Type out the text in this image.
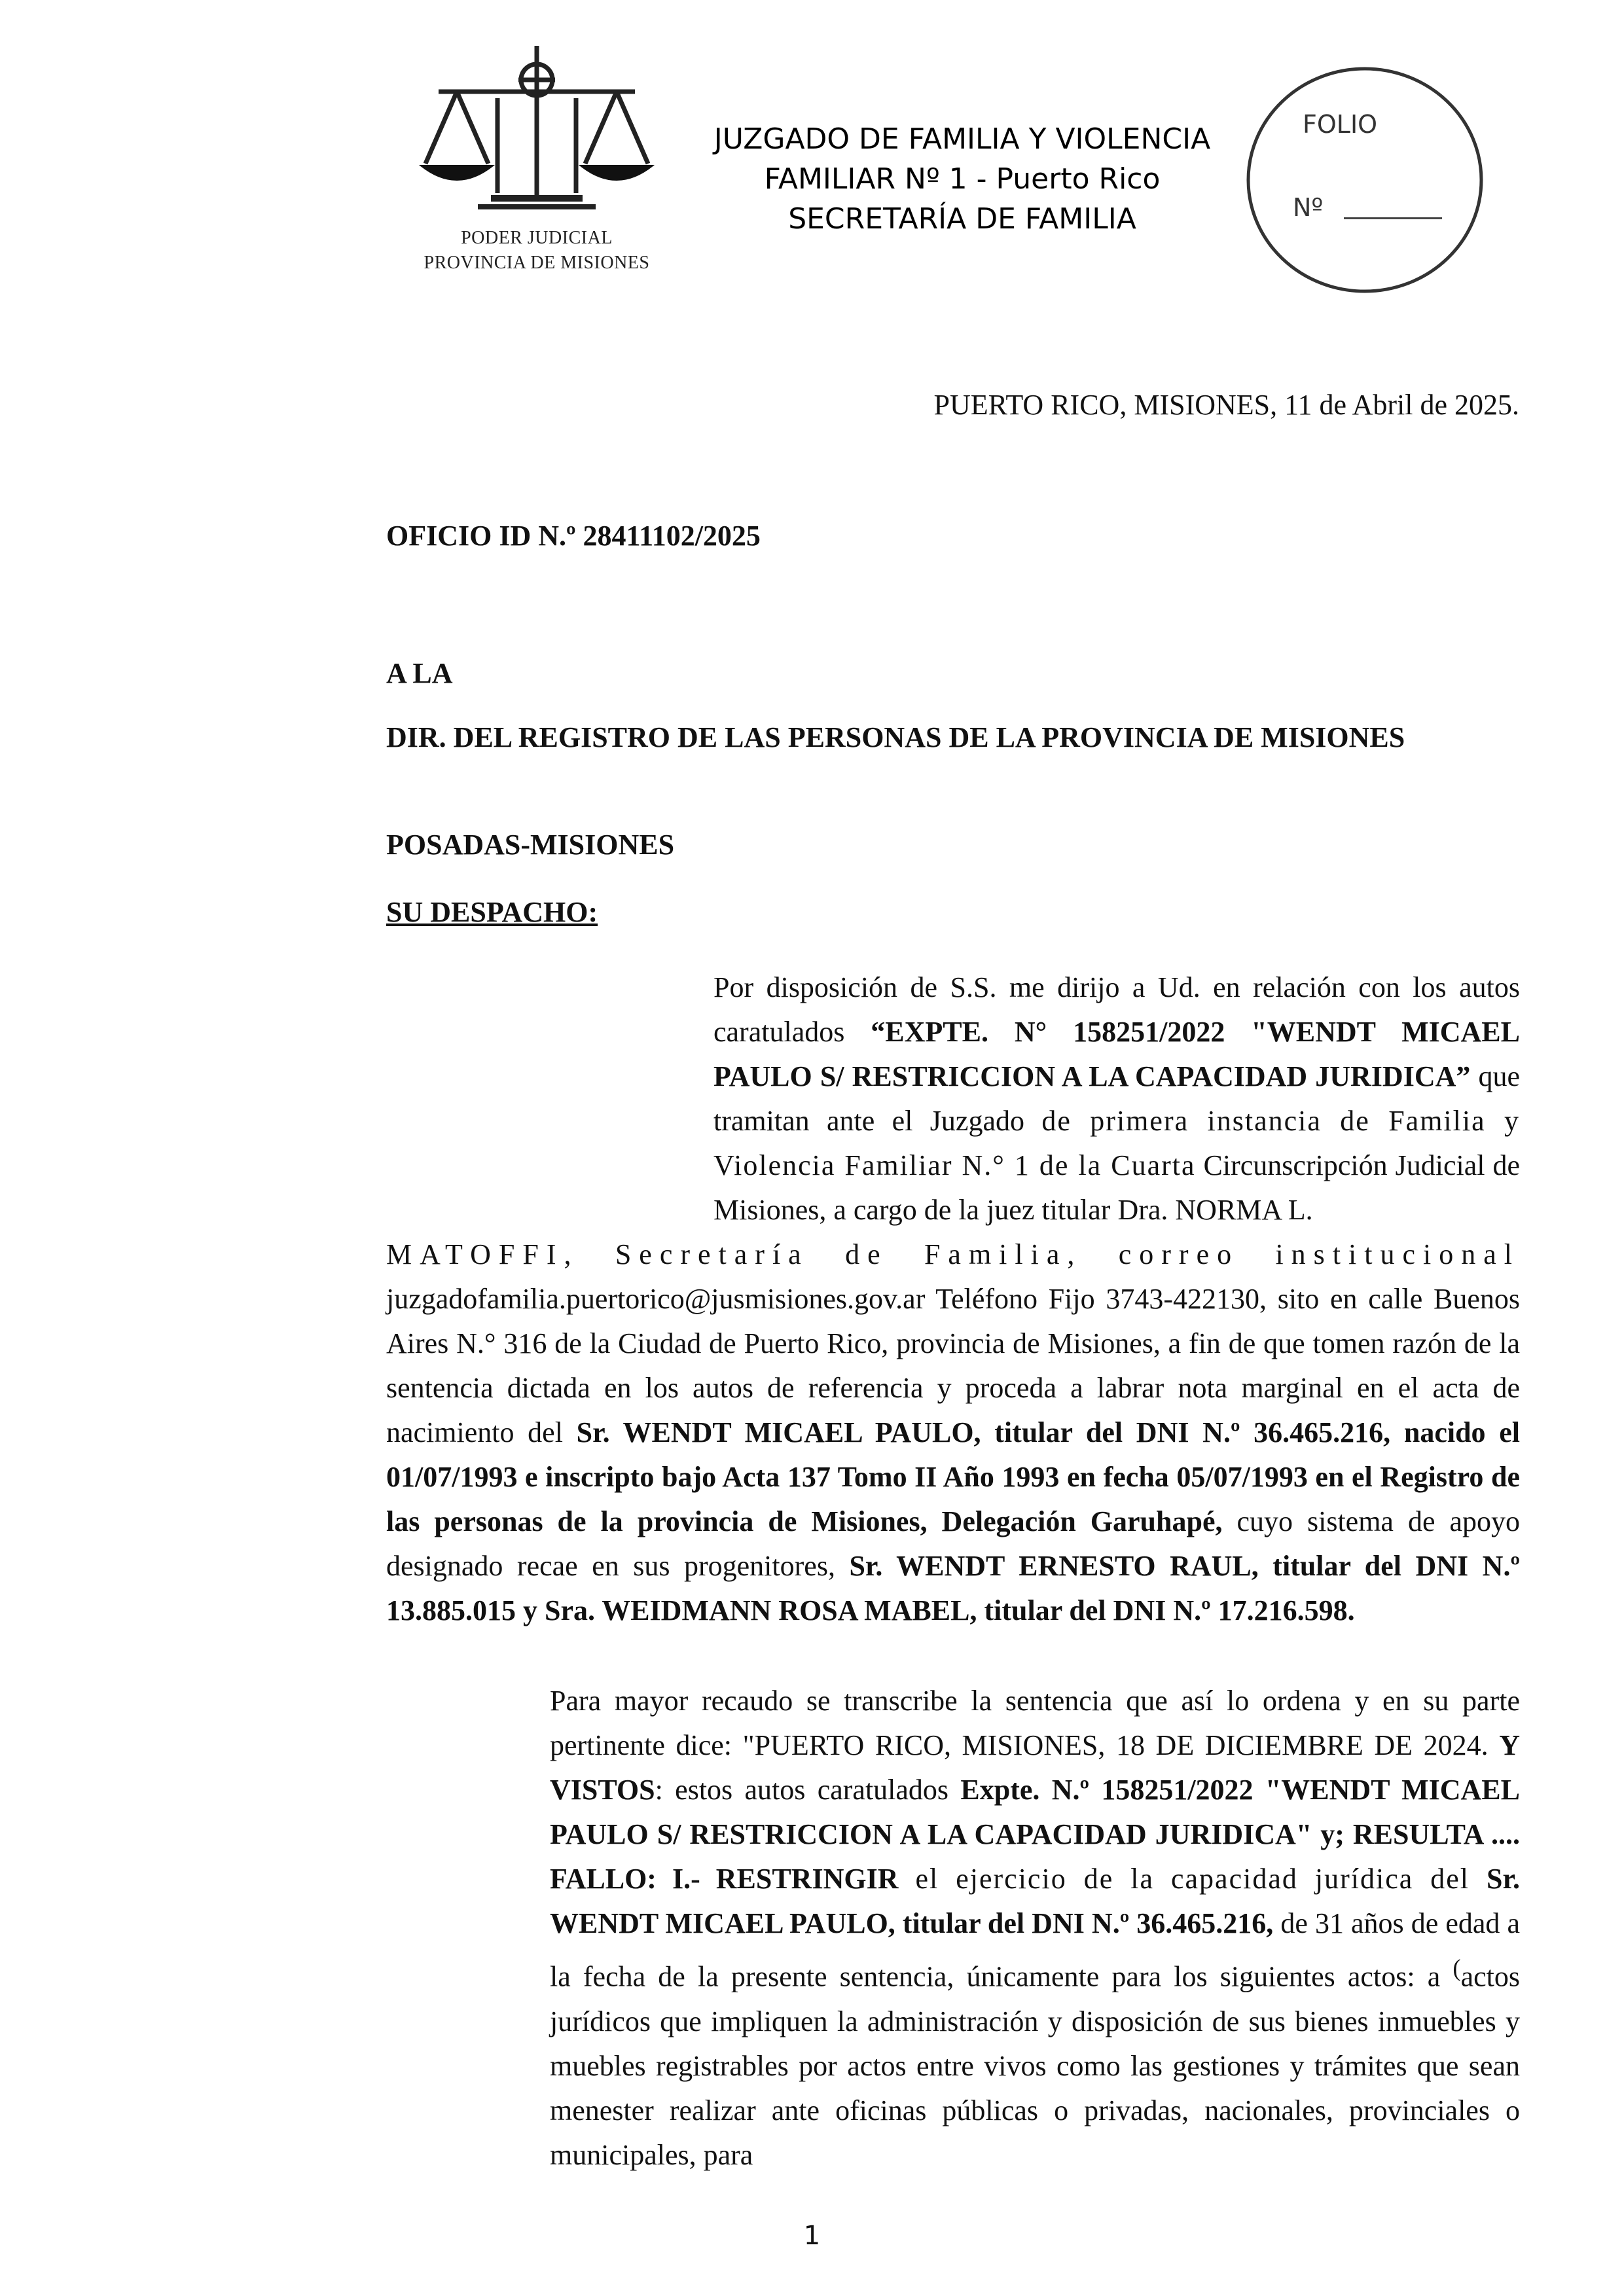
PODER JUDICIAL
PROVINCIA DE MISIONES
JUZGADO DE FAMILIA Y VIOLENCIA
FAMILIAR Nº 1 - Puerto Rico
SECRETARÍA DE FAMILIA
FOLIO
Nº
PUERTO RICO, MISIONES, 11 de Abril de 2025.
OFICIO ID N.º 28411102/2025
A LA
DIR. DEL REGISTRO DE LAS PERSONAS DE LA PROVINCIA DE MISIONES
POSADAS-MISIONES
SU DESPACHO:

Por disposición de S.S. me dirijo a Ud. en relación con los autos caratulados “EXPTE. N° 158251/2022 "WENDT MICAEL PAULO S/ RESTRICCION A LA CAPACIDAD JURIDICA” que tramitan ante el Juzgado de primera instancia de Familia y Violencia Familiar N.° 1 de la Cuarta Circunscripción Judicial de Misiones, a cargo de la juez titular Dra. NORMA L.

MATOFFI, Secretaría de Familia, correo institucional

juzgadofamilia.puertorico@jusmisiones.gov.ar Teléfono Fijo 3743-422130, sito en calle Buenos Aires N.° 316 de la Ciudad de Puerto Rico, provincia de Misiones, a fin de que tomen razón de la sentencia dictada en los autos de referencia y proceda a labrar nota marginal en el acta de nacimiento del Sr. WENDT MICAEL PAULO, titular del DNI N.º 36.465.216, nacido el 01/07/1993 e inscripto bajo Acta 137 Tomo II Año 1993 en fecha 05/07/1993 en el Registro de las personas de la provincia de Misiones, Delegación Garuhapé, cuyo sistema de apoyo designado recae en sus progenitores, Sr. WENDT ERNESTO RAUL, titular del DNI N.º 13.885.015 y Sra. WEIDMANN ROSA MABEL, titular del DNI N.º 17.216.598.

Para mayor recaudo se transcribe la sentencia que así lo ordena y en su parte pertinente dice: "PUERTO RICO, MISIONES, 18 DE DICIEMBRE DE 2024. Y VISTOS: estos autos caratulados Expte. N.º 158251/2022 "WENDT MICAEL PAULO S/ RESTRICCION A LA CAPACIDAD JURIDICA" y; RESULTA .... FALLO: I.- RESTRINGIR el ejercicio de la capacidad jurídica del Sr. WENDT MICAEL PAULO, titular del DNI N.º 36.465.216, de 31 años de edad a la fecha de la presente sentencia, únicamente para los siguientes actos: a (actos jurídicos que impliquen la administración y disposición de sus bienes inmuebles y muebles registrables por actos entre vivos como las gestiones y trámites que sean menester realizar ante oficinas públicas o privadas, nacionales, provinciales o municipales, para

1
